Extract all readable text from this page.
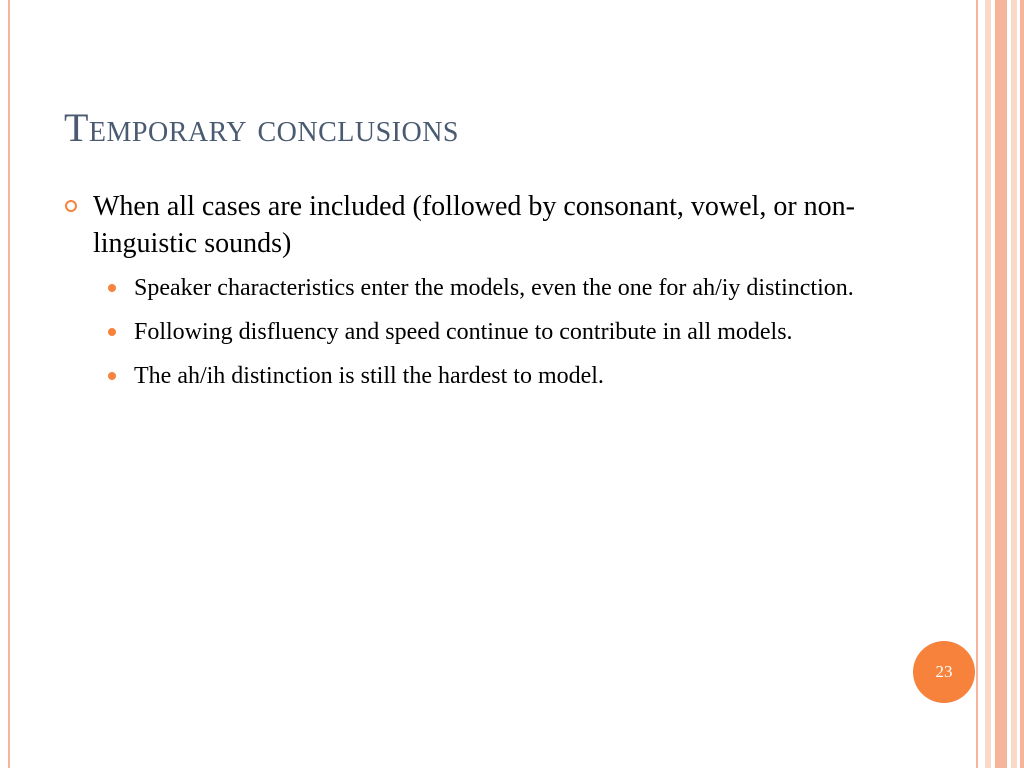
Temporary conclusions
When all cases are included (followed by consonant, vowel, or non-linguistic sounds)
Speaker characteristics enter the models, even the one for ah/iy distinction.
Following disfluency and speed continue to contribute in all models.
The ah/ih distinction is still the hardest to model.
23
